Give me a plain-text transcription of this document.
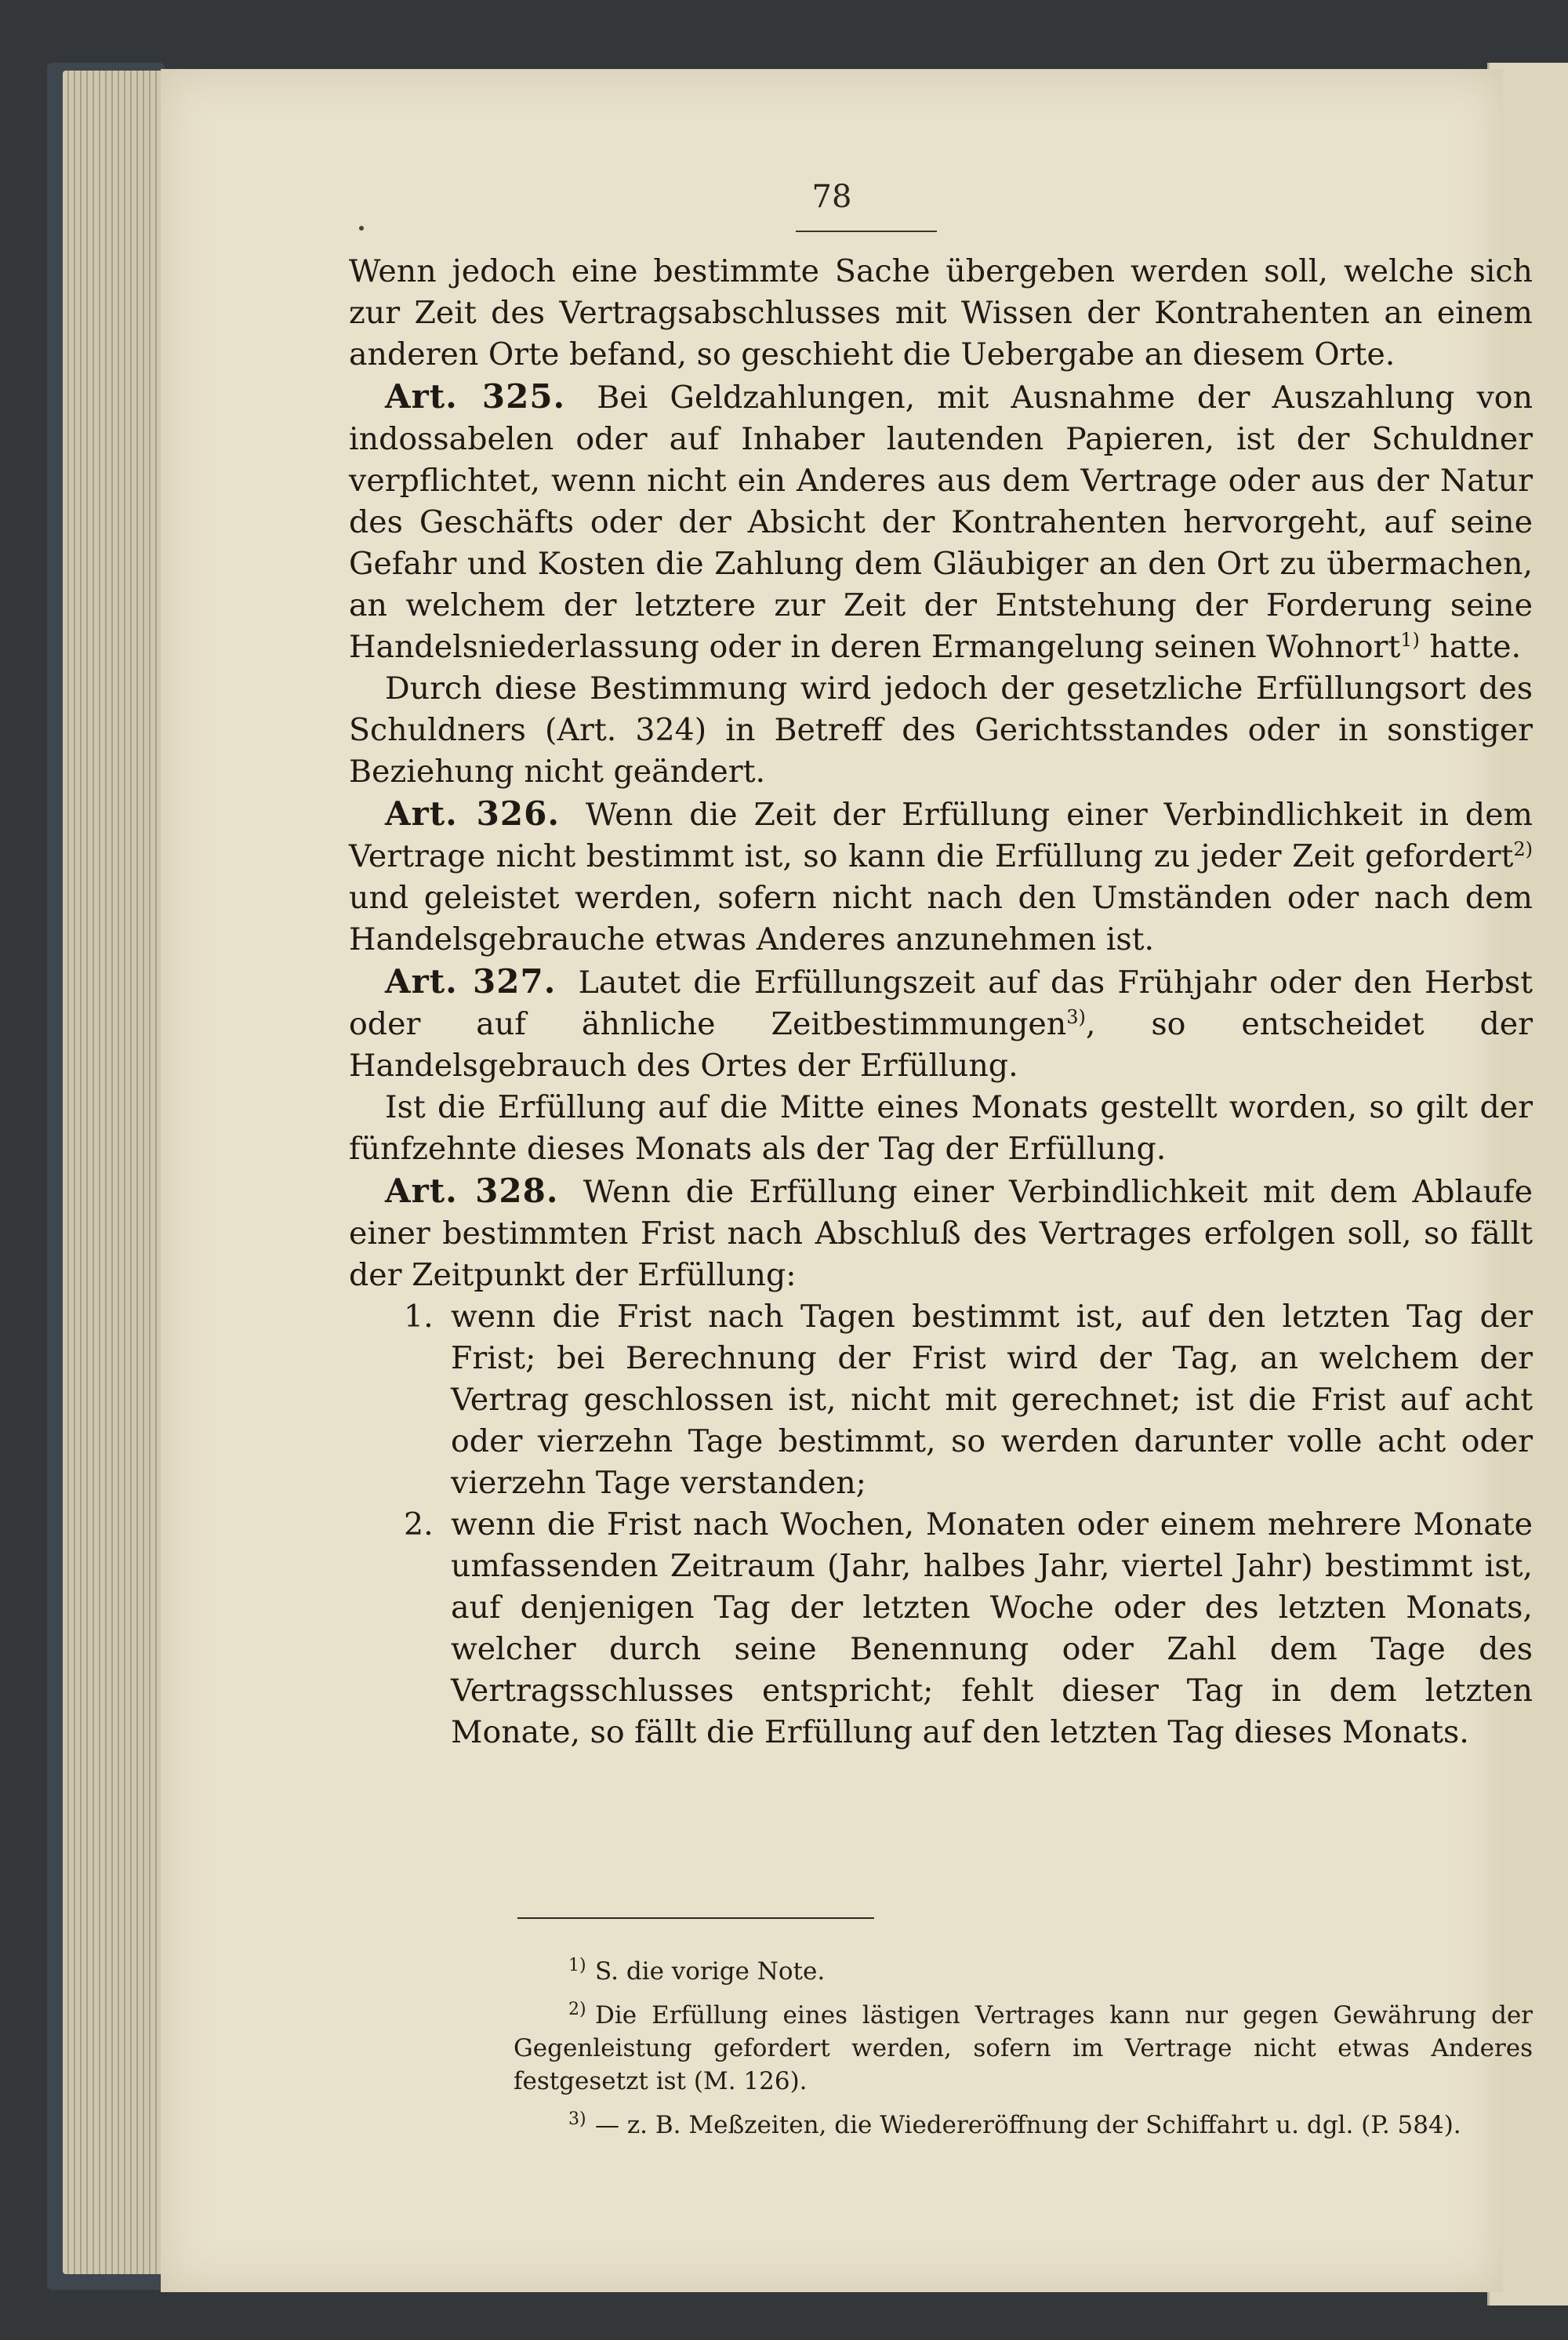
78

Wenn jedoch eine bestimmte Sache übergeben werden soll, welche sich zur Zeit des Vertragsabschlusses mit Wissen der Kontrahenten an einem anderen Orte befand, so geschieht die Uebergabe an diesem Orte.

Art. 325. Bei Geldzahlungen, mit Ausnahme der Auszahlung von indossabelen oder auf Inhaber lautenden Papieren, ist der Schuldner verpflichtet, wenn nicht ein Anderes aus dem Vertrage oder aus der Natur des Geschäfts oder der Absicht der Kontrahenten hervorgeht, auf seine Gefahr und Kosten die Zahlung dem Gläubiger an den Ort zu übermachen, an welchem der letztere zur Zeit der Entstehung der Forderung seine Handelsniederlassung oder in deren Ermangelung seinen Wohnort$^{1)}$ hatte.

Durch diese Bestimmung wird jedoch der gesetzliche Erfüllungsort des Schuldners (Art. 324) in Betreff des Gerichtsstandes oder in sonstiger Beziehung nicht geändert.

Art. 326. Wenn die Zeit der Erfüllung einer Verbindlichkeit in dem Vertrage nicht bestimmt ist, so kann die Erfüllung zu jeder Zeit gefordert$^{2)}$ und geleistet werden, sofern nicht nach den Umständen oder nach dem Handelsgebrauche etwas Anderes anzunehmen ist.

Art. 327. Lautet die Erfüllungszeit auf das Frühjahr oder den Herbst oder auf ähnliche Zeitbestimmungen$^{3)}$, so entscheidet der Handelsgebrauch des Ortes der Erfüllung.

Ist die Erfüllung auf die Mitte eines Monats gestellt worden, so gilt der fünfzehnte dieses Monats als der Tag der Erfüllung.

Art. 328. Wenn die Erfüllung einer Verbindlichkeit mit dem Ablaufe einer bestimmten Frist nach Abschluß des Vertrages erfolgen soll, so fällt der Zeitpunkt der Erfüllung:

1. wenn die Frist nach Tagen bestimmt ist, auf den letzten Tag der Frist; bei Berechnung der Frist wird der Tag, an welchem der Vertrag geschlossen ist, nicht mit gerechnet; ist die Frist auf acht oder vierzehn Tage bestimmt, so werden darunter volle acht oder vierzehn Tage verstanden;
2. wenn die Frist nach Wochen, Monaten oder einem mehrere Monate umfassenden Zeitraum (Jahr, halbes Jahr, viertel Jahr) bestimmt ist, auf denjenigen Tag der letzten Woche oder des letzten Monats, welcher durch seine Benennung oder Zahl dem Tage des Vertragsschlusses entspricht; fehlt dieser Tag in dem letzten Monate, so fällt die Erfüllung auf den letzten Tag dieses Monats.

1) S. die vorige Note.

2) Die Erfüllung eines lästigen Vertrages kann nur gegen Gewährung der Gegenleistung gefordert werden, sofern im Vertrage nicht etwas Anderes festgesetzt ist (M. 126).

3) — z. B. Meßzeiten, die Wiedereröffnung der Schiffahrt u. dgl. (P. 584).
